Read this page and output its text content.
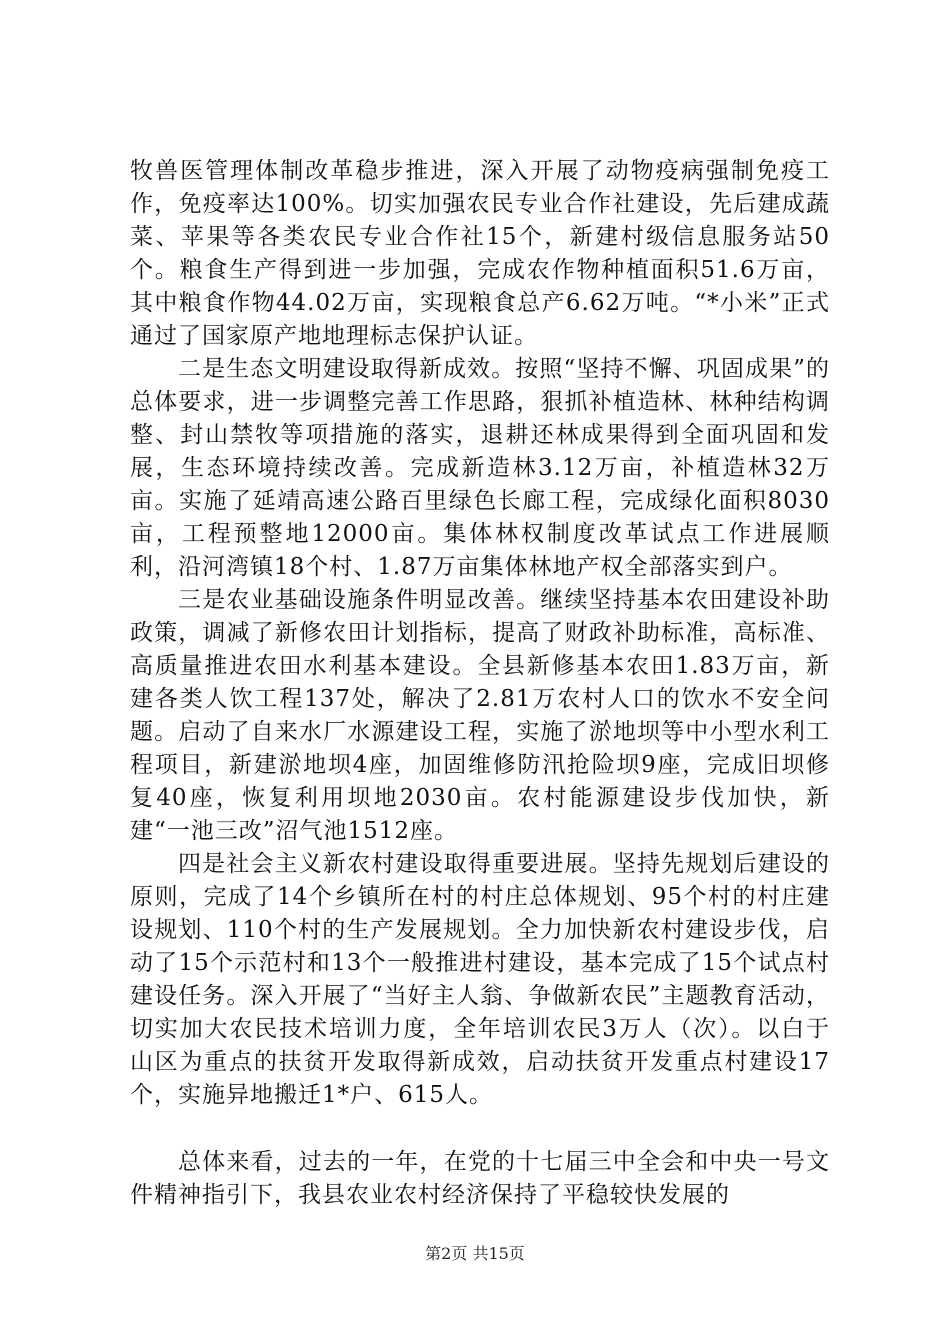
牧兽医管理体制改革稳步推进，深入开展了动物疫病强制免疫工作，免疫率达100%。切实加强农民专业合作社建设，先后建成蔬菜、苹果等各类农民专业合作社15个，新建村级信息服务站50个。粮食生产得到进一步加强，完成农作物种植面积51.6万亩，其中粮食作物44.02万亩，实现粮食总产6.62万吨。“*小米”正式通过了国家原产地地理标志保护认证。

二是生态文明建设取得新成效。按照“坚持不懈、巩固成果”的总体要求，进一步调整完善工作思路，狠抓补植造林、林种结构调整、封山禁牧等项措施的落实，退耕还林成果得到全面巩固和发展，生态环境持续改善。完成新造林3.12万亩，补植造林32万亩。实施了延靖高速公路百里绿色长廊工程，完成绿化面积8030亩，工程预整地12000亩。集体林权制度改革试点工作进展顺利，沿河湾镇18个村、1.87万亩集体林地产权全部落实到户。

三是农业基础设施条件明显改善。继续坚持基本农田建设补助政策，调减了新修农田计划指标，提高了财政补助标准，高标准、高质量推进农田水利基本建设。全县新修基本农田1.83万亩，新建各类人饮工程137处，解决了2.81万农村人口的饮水不安全问题。启动了自来水厂水源建设工程，实施了淤地坝等中小型水利工程项目，新建淤地坝4座，加固维修防汛抢险坝9座，完成旧坝修复40座，恢复利用坝地2030亩。农村能源建设步伐加快，新建“一池三改”沼气池1512座。

四是社会主义新农村建设取得重要进展。坚持先规划后建设的原则，完成了14个乡镇所在村的村庄总体规划、95个村的村庄建设规划、110个村的生产发展规划。全力加快新农村建设步伐，启动了15个示范村和13个一般推进村建设，基本完成了15个试点村建设任务。深入开展了“当好主人翁、争做新农民”主题教育活动，切实加大农民技术培训力度，全年培训农民3万人（次）。以白于山区为重点的扶贫开发取得新成效，启动扶贫开发重点村建设17个，实施异地搬迁1*户、615人。

总体来看，过去的一年，在党的十七届三中全会和中央一号文件精神指引下，我县农业农村经济保持了平稳较快发展的

第2页 共15页
